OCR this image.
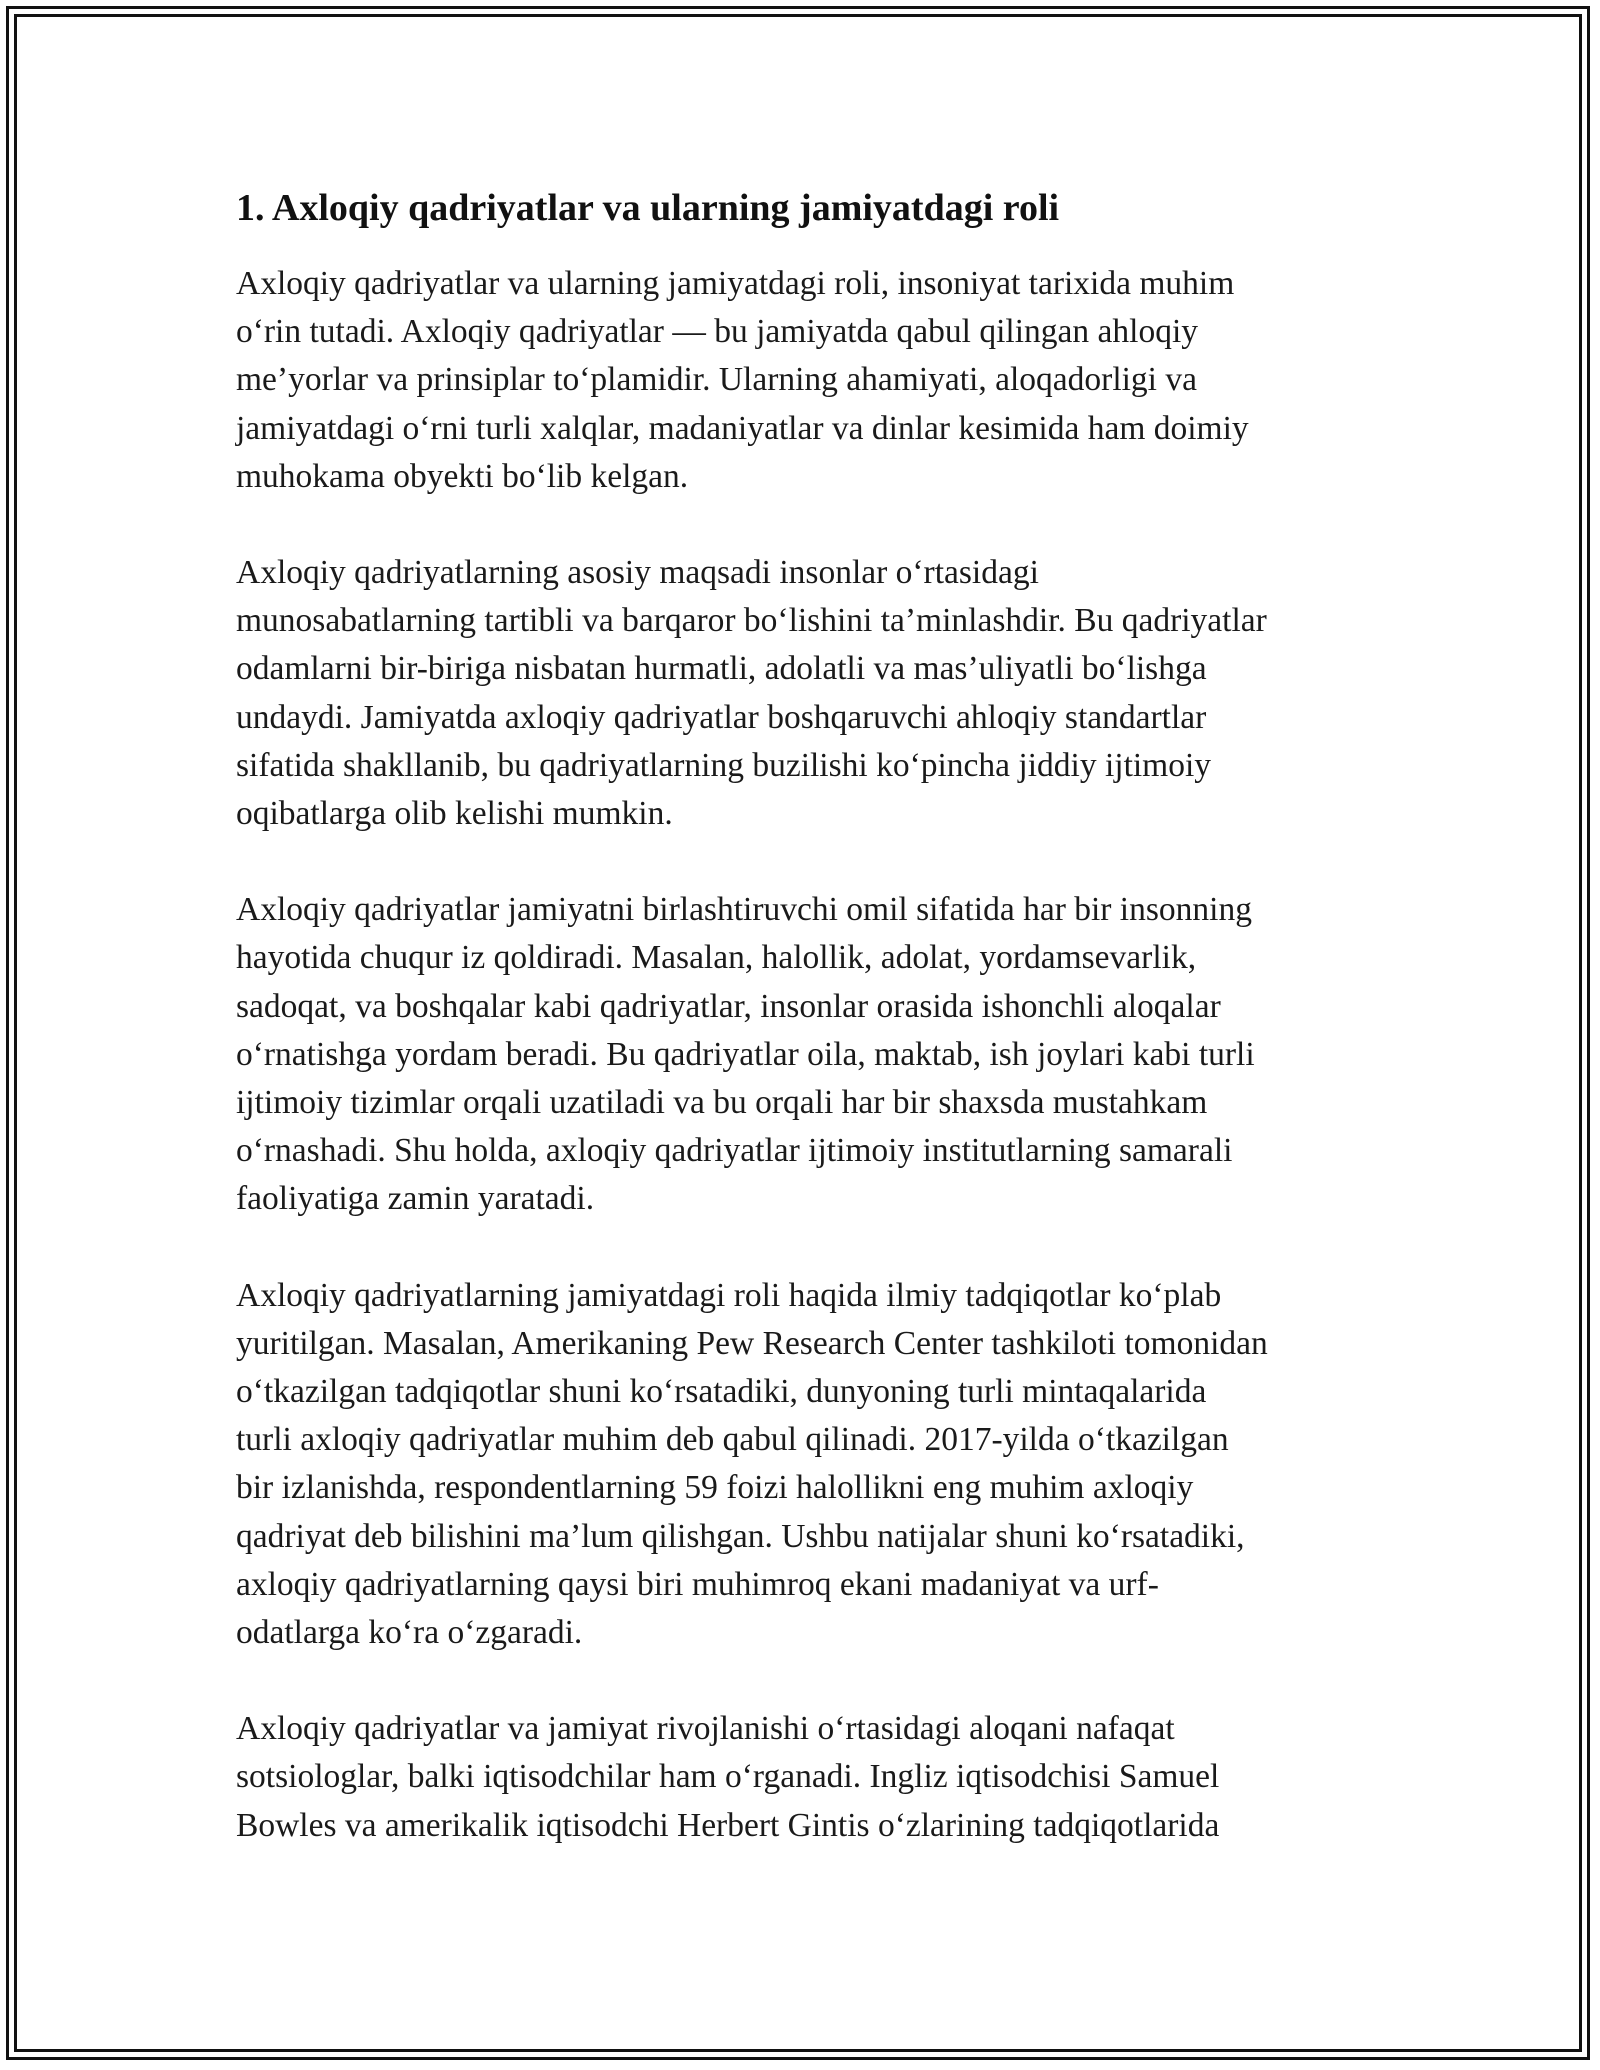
1. Axloqiy qadriyatlar va ularning jamiyatdagi roli

Axloqiy qadriyatlar va ularning jamiyatdagi roli, insoniyat tarixida muhim
o‘rin tutadi. Axloqiy qadriyatlar — bu jamiyatda qabul qilingan ahloqiy
me’yorlar va prinsiplar to‘plamidir. Ularning ahamiyati, aloqadorligi va
jamiyatdagi o‘rni turli xalqlar, madaniyatlar va dinlar kesimida ham doimiy
muhokama obyekti bo‘lib kelgan.

Axloqiy qadriyatlarning asosiy maqsadi insonlar o‘rtasidagi
munosabatlarning tartibli va barqaror bo‘lishini ta’minlashdir. Bu qadriyatlar
odamlarni bir-biriga nisbatan hurmatli, adolatli va mas’uliyatli bo‘lishga
undaydi. Jamiyatda axloqiy qadriyatlar boshqaruvchi ahloqiy standartlar
sifatida shakllanib, bu qadriyatlarning buzilishi ko‘pincha jiddiy ijtimoiy
oqibatlarga olib kelishi mumkin.

Axloqiy qadriyatlar jamiyatni birlashtiruvchi omil sifatida har bir insonning
hayotida chuqur iz qoldiradi. Masalan, halollik, adolat, yordamsevarlik,
sadoqat, va boshqalar kabi qadriyatlar, insonlar orasida ishonchli aloqalar
o‘rnatishga yordam beradi. Bu qadriyatlar oila, maktab, ish joylari kabi turli
ijtimoiy tizimlar orqali uzatiladi va bu orqali har bir shaxsda mustahkam
o‘rnashadi. Shu holda, axloqiy qadriyatlar ijtimoiy institutlarning samarali
faoliyatiga zamin yaratadi.

Axloqiy qadriyatlarning jamiyatdagi roli haqida ilmiy tadqiqotlar ko‘plab
yuritilgan. Masalan, Amerikaning Pew Research Center tashkiloti tomonidan
o‘tkazilgan tadqiqotlar shuni ko‘rsatadiki, dunyoning turli mintaqalarida
turli axloqiy qadriyatlar muhim deb qabul qilinadi. 2017-yilda o‘tkazilgan
bir izlanishda, respondentlarning 59 foizi halollikni eng muhim axloqiy
qadriyat deb bilishini ma’lum qilishgan. Ushbu natijalar shuni ko‘rsatadiki,
axloqiy qadriyatlarning qaysi biri muhimroq ekani madaniyat va urf-
odatlarga ko‘ra o‘zgaradi.

Axloqiy qadriyatlar va jamiyat rivojlanishi o‘rtasidagi aloqani nafaqat
sotsiologlar, balki iqtisodchilar ham o‘rganadi. Ingliz iqtisodchisi Samuel
Bowles va amerikalik iqtisodchi Herbert Gintis o‘zlarining tadqiqotlarida
